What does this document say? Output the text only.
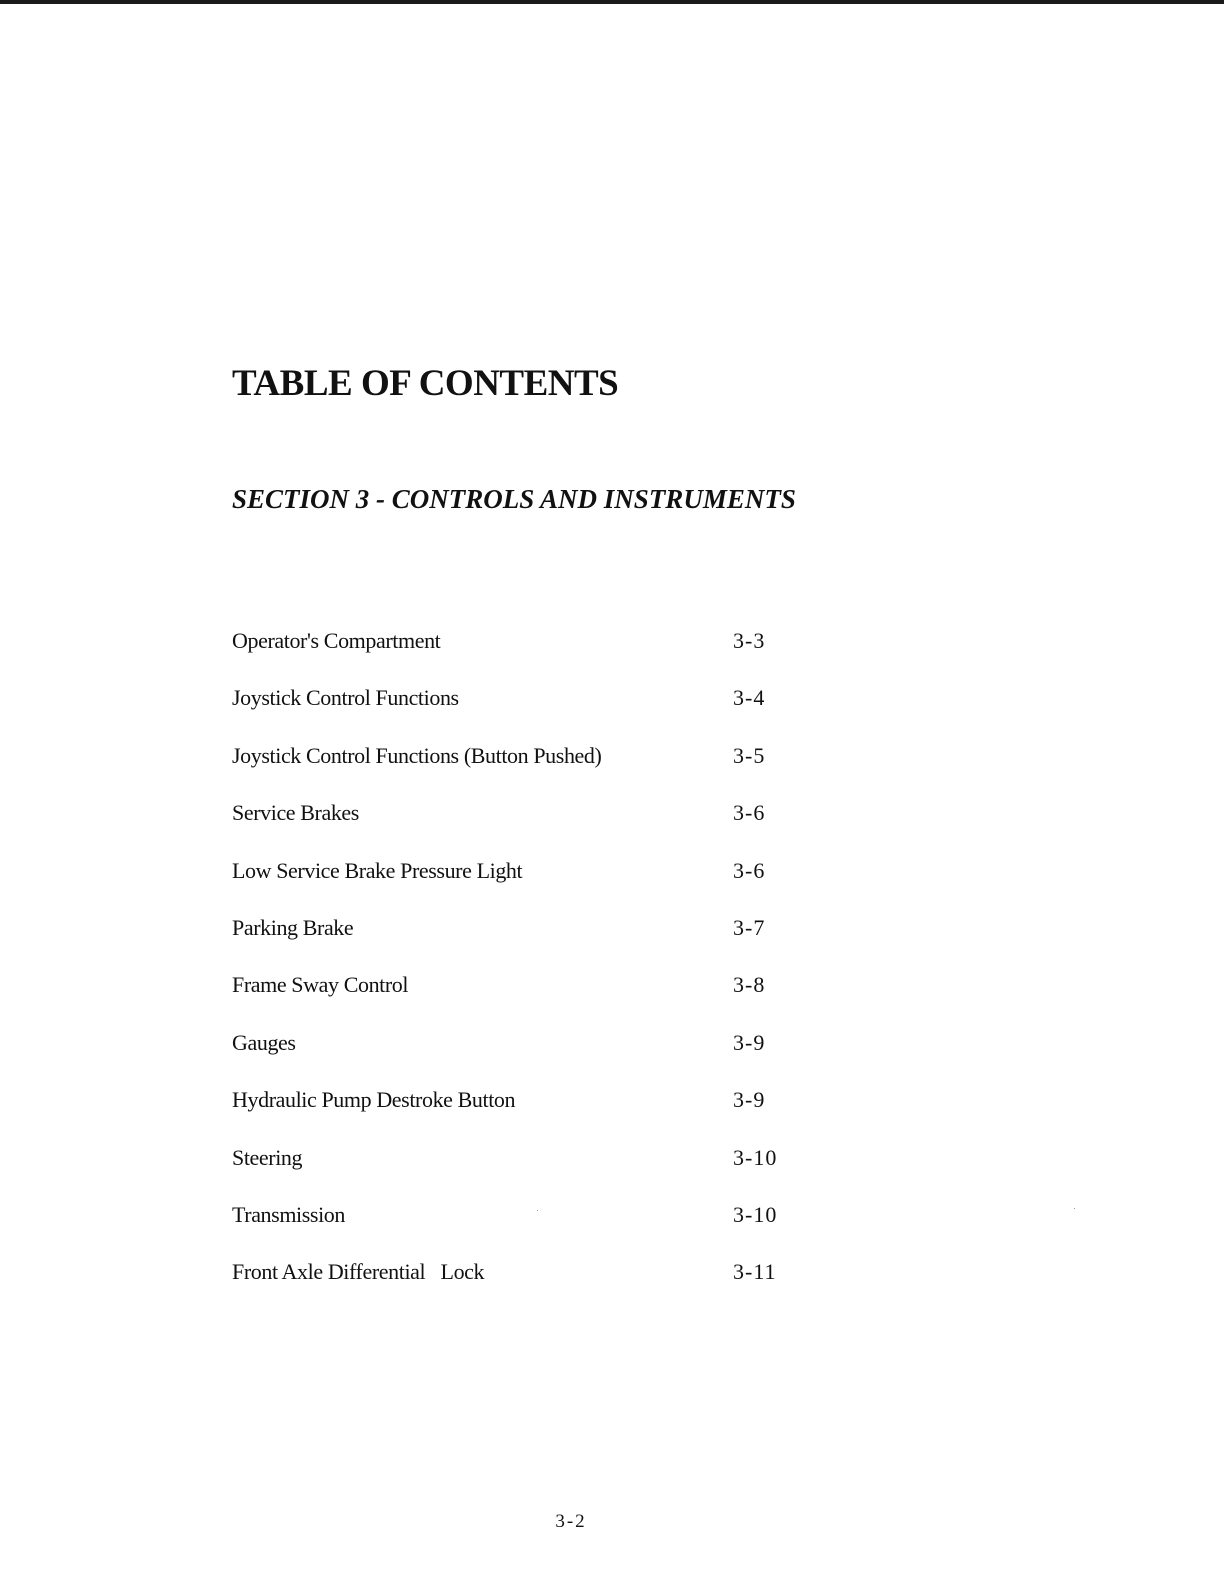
TABLE OF CONTENTS
SECTION 3 - CONTROLS AND INSTRUMENTS
Operator's Compartment	3-3
Joystick Control Functions	3-4
Joystick Control Functions (Button Pushed)	3-5
Service Brakes	3-6
Low Service Brake Pressure Light	3-6
Parking Brake	3-7
Frame Sway Control	3-8
Gauges	3-9
Hydraulic Pump Destroke Button	3-9
Steering	3-10
Transmission	3-10
Front Axle Differential   Lock	3-11
3-2
